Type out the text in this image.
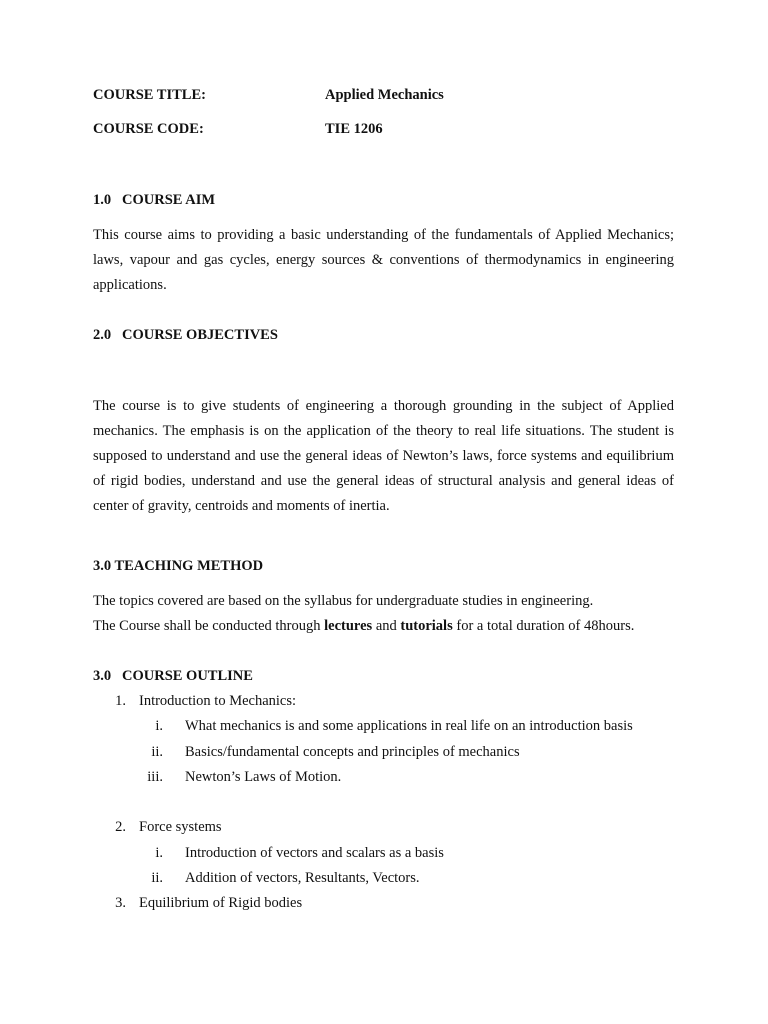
COURSE TITLE:	Applied Mechanics
COURSE CODE:	TIE 1206
1.0 COURSE AIM
This course aims to providing a basic understanding of the fundamentals of Applied Mechanics; laws, vapour and gas cycles, energy sources & conventions of thermodynamics in engineering applications.
2.0 COURSE OBJECTIVES
The course is to give students of engineering a thorough grounding in the subject of Applied mechanics. The emphasis is on the application of the theory to real life situations. The student is supposed to understand and use the general ideas of Newton’s laws, force systems and equilibrium of rigid bodies, understand and use the general ideas of structural analysis and general ideas of center of gravity, centroids and moments of inertia.
3.0 TEACHING METHOD
The topics covered are based on the syllabus for undergraduate studies in engineering.
The Course shall be conducted through lectures and tutorials for a total duration of 48hours.
3.0 COURSE OUTLINE
1. Introduction to Mechanics:
i. What mechanics is and some applications in real life on an introduction basis
ii. Basics/fundamental concepts and principles of mechanics
iii. Newton’s Laws of Motion.
2. Force systems
i. Introduction of vectors and scalars as a basis
ii. Addition of vectors, Resultants, Vectors.
3. Equilibrium of Rigid bodies
